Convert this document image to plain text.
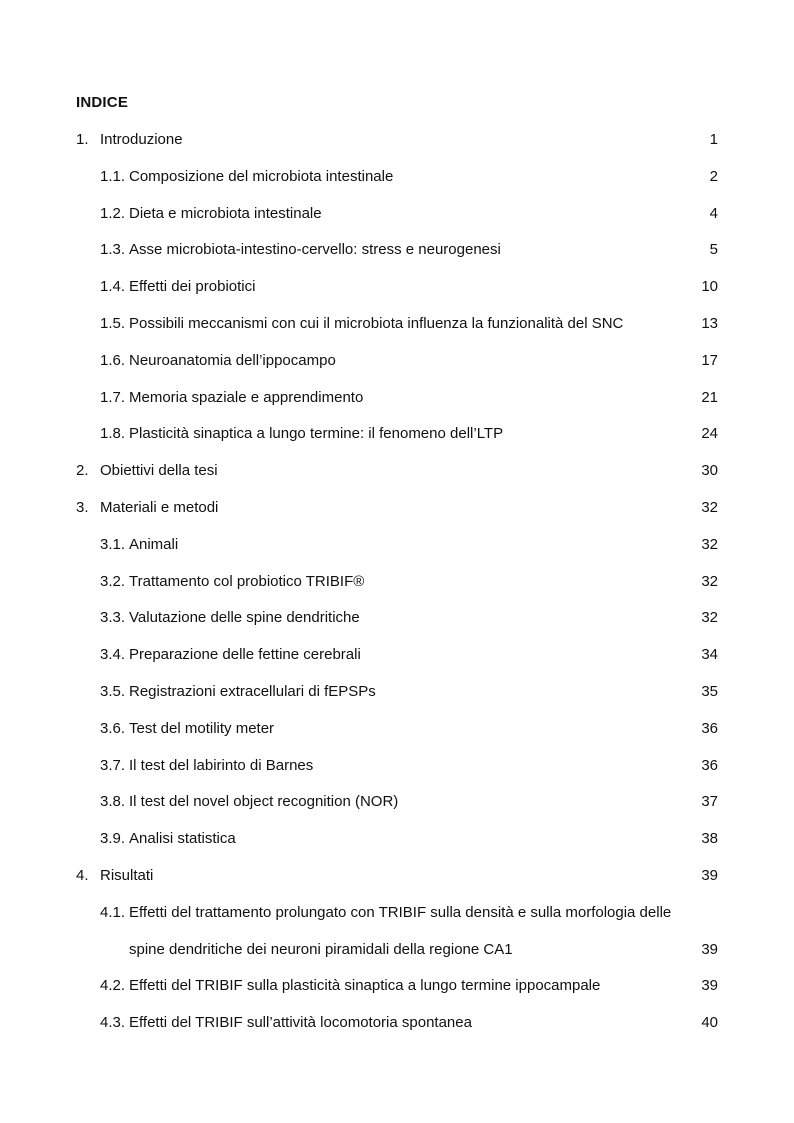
INDICE
1. Introduzione	1
1.1. Composizione del microbiota intestinale	2
1.2. Dieta e microbiota intestinale	4
1.3. Asse microbiota-intestino-cervello: stress e neurogenesi	5
1.4. Effetti dei probiotici	10
1.5. Possibili meccanismi con cui il microbiota influenza la funzionalità del SNC	13
1.6. Neuroanatomia dell’ippocampo	17
1.7. Memoria spaziale e apprendimento	21
1.8. Plasticità sinaptica a lungo termine: il fenomeno dell’LTP	24
2. Obiettivi della tesi	30
3. Materiali e metodi	32
3.1. Animali	32
3.2. Trattamento col probiotico TRIBIF®	32
3.3. Valutazione delle spine dendritiche	32
3.4. Preparazione delle fettine cerebrali	34
3.5. Registrazioni extracellulari di fEPSPs	35
3.6. Test del motility meter	36
3.7. Il test del labirinto di Barnes	36
3.8. Il test del novel object recognition (NOR)	37
3.9. Analisi statistica	38
4. Risultati	39
4.1. Effetti del trattamento prolungato con TRIBIF sulla densità e sulla morfologia delle
spine dendritiche dei neuroni piramidali della regione CA1	39
4.2. Effetti del TRIBIF sulla plasticità sinaptica a lungo termine ippocampale	39
4.3. Effetti del TRIBIF sull’attività locomotoria spontanea	40
